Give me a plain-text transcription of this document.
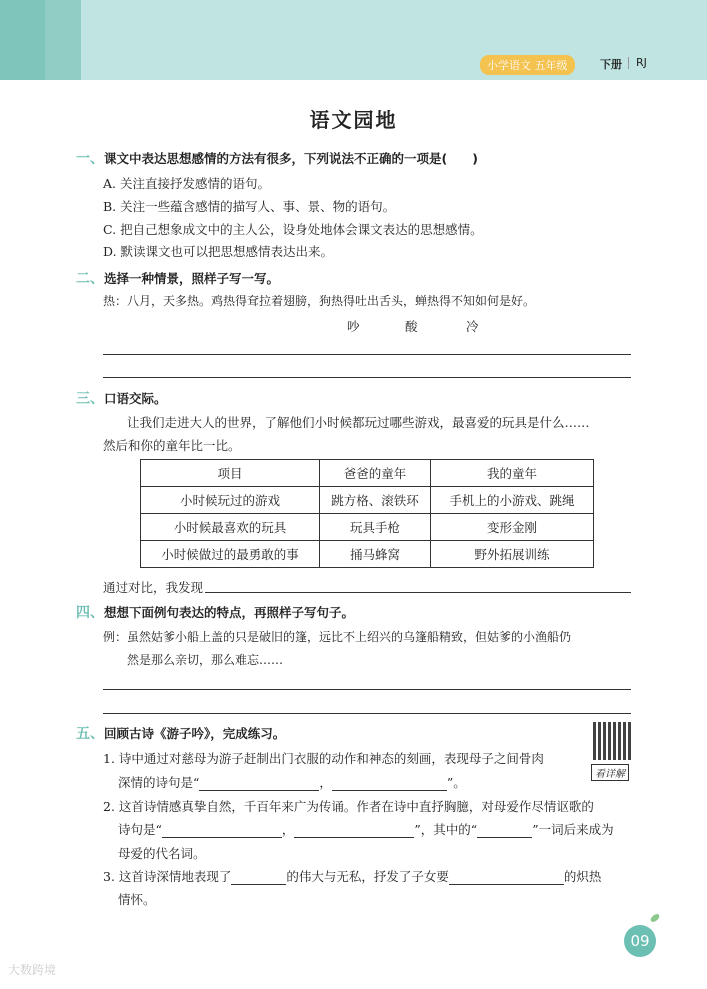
小学语文 五年级	下册 RJ
语文园地
一、课文中表达思想感情的方法有很多，下列说法不正确的一项是(　　)
A. 关注直接抒发感情的语句。
B. 关注一些蕴含感情的描写人、事、景、物的语句。
C. 把自己想象成文中的主人公，设身处地体会课文表达的思想感情。
D. 默读课文也可以把思想感情表达出来。
二、选择一种情景，照样子写一写。
热：八月，天多热。鸡热得耷拉着翅膀，狗热得吐出舌头，蝉热得不知如何是好。
吵	酸	冷
三、口语交际。
让我们走进大人的世界，了解他们小时候都玩过哪些游戏，最喜爱的玩具是什么……
然后和你的童年比一比。
项目	爸爸的童年	我的童年
小时候玩过的游戏	跳方格、滚铁环	手机上的小游戏、跳绳
小时候最喜欢的玩具	玩具手枪	变形金刚
小时候做过的最勇敢的事	捅马蜂窝	野外拓展训练
通过对比，我发现
四、想想下面例句表达的特点，再照样子写句子。
例：虽然姑爹小船上盖的只是破旧的篷，远比不上绍兴的乌篷船精致，但姑爹的小渔船仍
然是那么亲切，那么难忘……
五、回顾古诗《游子吟》，完成练习。
看详解
1. 诗中通过对慈母为游子赶制出门衣服的动作和神态的刻画，表现母子之间骨肉
深情的诗句是“	，	”。
2. 这首诗情感真挚自然，千百年来广为传诵。作者在诗中直抒胸臆，对母爱作尽情讴歌的
诗句是“	，	”，其中的“	”一词后来成为
母爱的代名词。
3. 这首诗深情地表现了	的伟大与无私，抒发了子女要	的炽热
情怀。
09
大数跨境
